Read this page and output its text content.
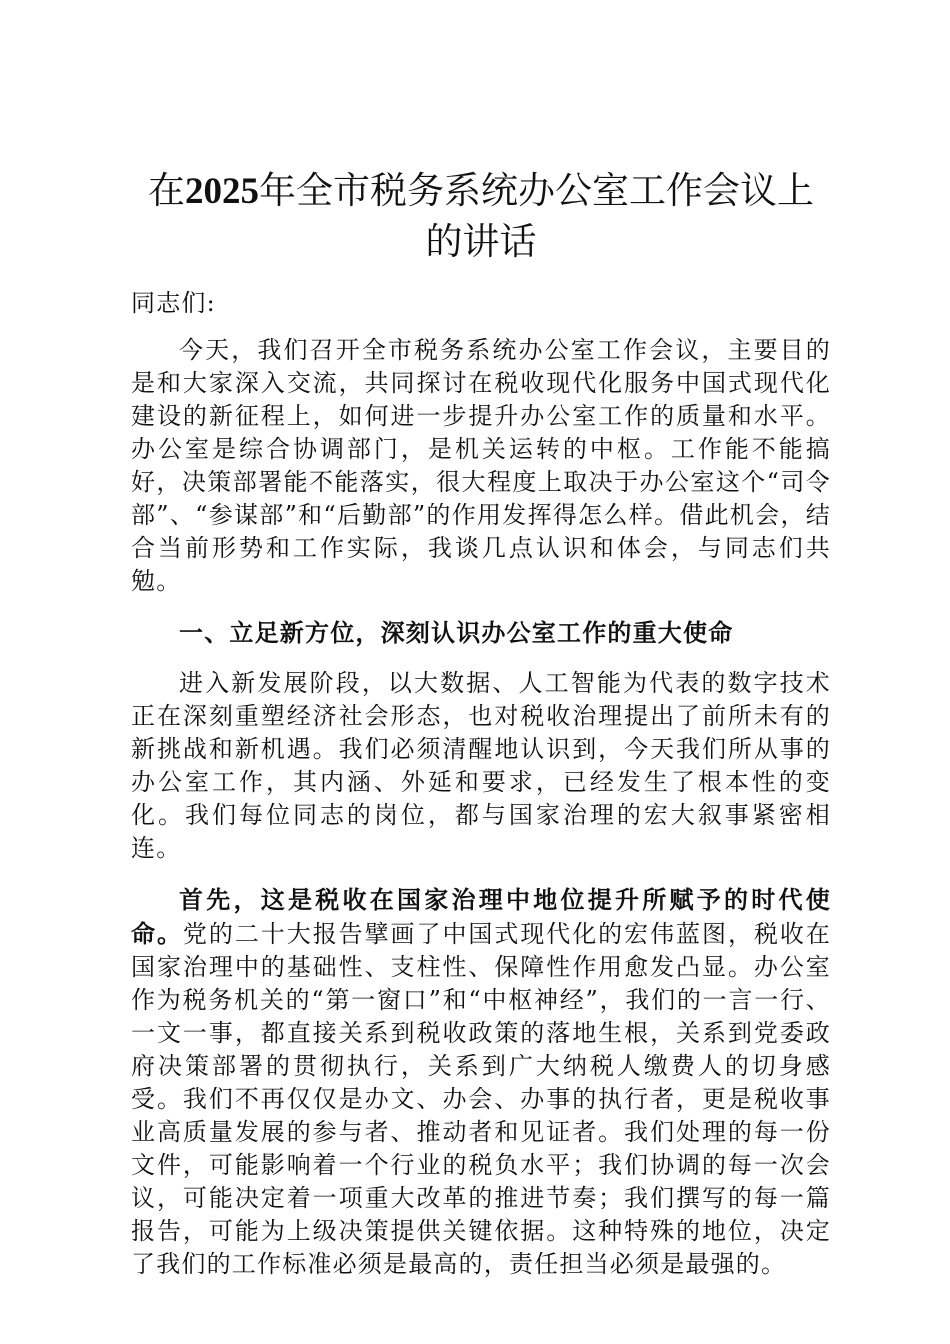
在2025年全市税务系统办公室工作会议上的讲话

同志们:

今天，我们召开全市税务系统办公室工作会议，主要目的是和大家深入交流，共同探讨在税收现代化服务中国式现代化建设的新征程上，如何进一步提升办公室工作的质量和水平。办公室是综合协调部门，是机关运转的中枢。工作能不能搞好，决策部署能不能落实，很大程度上取决于办公室这个“司令部”、“参谋部”和“后勤部”的作用发挥得怎么样。借此机会，结合当前形势和工作实际，我谈几点认识和体会，与同志们共勉。

一、立足新方位，深刻认识办公室工作的重大使命

进入新发展阶段，以大数据、人工智能为代表的数字技术正在深刻重塑经济社会形态，也对税收治理提出了前所未有的新挑战和新机遇。我们必须清醒地认识到，今天我们所从事的办公室工作，其内涵、外延和要求，已经发生了根本性的变化。我们每位同志的岗位，都与国家治理的宏大叙事紧密相连。

首先，这是税收在国家治理中地位提升所赋予的时代使命。党的二十大报告擘画了中国式现代化的宏伟蓝图，税收在国家治理中的基础性、支柱性、保障性作用愈发凸显。办公室作为税务机关的“第一窗口”和“中枢神经”，我们的一言一行、一文一事，都直接关系到税收政策的落地生根，关系到党委政府决策部署的贯彻执行，关系到广大纳税人缴费人的切身感受。我们不再仅仅是办文、办会、办事的执行者，更是税收事业高质量发展的参与者、推动者和见证者。我们处理的每一份文件，可能影响着一个行业的税负水平；我们协调的每一次会议，可能决定着一项重大改革的推进节奏；我们撰写的每一篇报告，可能为上级决策提供关键依据。这种特殊的地位，决定了我们的工作标准必须是最高的，责任担当必须是最强的。
